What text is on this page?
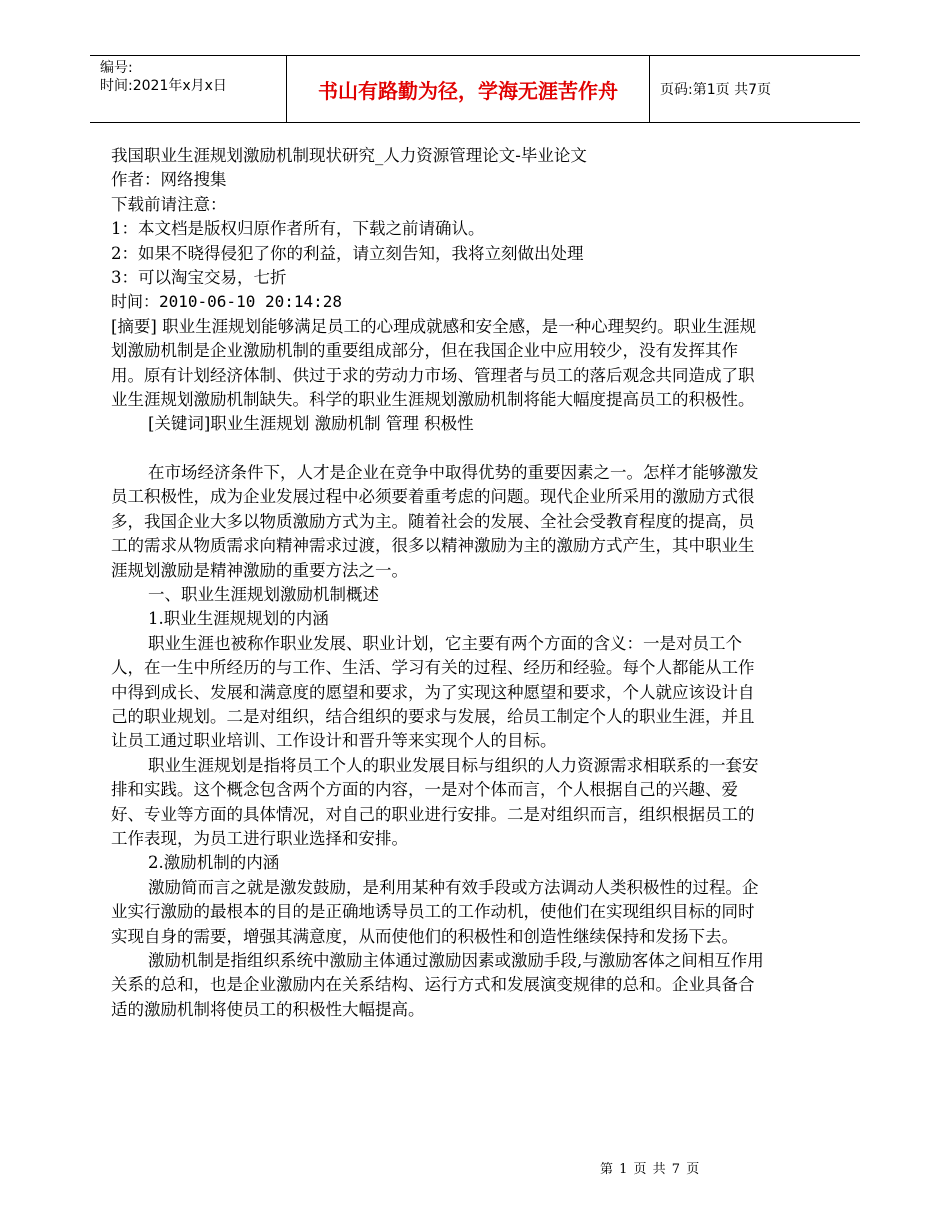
编号:
时间:2021年x月x日	书山有路勤为径，学海无涯苦作舟	页码:第1页 共7页

我国职业生涯规划激励机制现状研究_人力资源管理论文-毕业论文

作者：网络搜集

下载前请注意：

1：本文档是版权归原作者所有，下载之前请确认。

2：如果不晓得侵犯了你的利益，请立刻告知，我将立刻做出处理

3：可以淘宝交易，七折

时间：2010-06-10 20:14:28

[摘要] 职业生涯规划能够满足员工的心理成就感和安全感，是一种心理契约。职业生涯规划激励机制是企业激励机制的重要组成部分，但在我国企业中应用较少，没有发挥其作用。原有计划经济体制、供过于求的劳动力市场、管理者与员工的落后观念共同造成了职业生涯规划激励机制缺失。科学的职业生涯规划激励机制将能大幅度提高员工的积极性。

[关键词]职业生涯规划 激励机制 管理 积极性

在市场经济条件下，人才是企业在竞争中取得优势的重要因素之一。怎样才能够激发员工积极性，成为企业发展过程中必须要着重考虑的问题。现代企业所采用的激励方式很多，我国企业大多以物质激励方式为主。随着社会的发展、全社会受教育程度的提高，员工的需求从物质需求向精神需求过渡，很多以精神激励为主的激励方式产生，其中职业生涯规划激励是精神激励的重要方法之一。

一、职业生涯规划激励机制概述

1.职业生涯规规划的内涵

职业生涯也被称作职业发展、职业计划，它主要有两个方面的含义：一是对员工个人，在一生中所经历的与工作、生活、学习有关的过程、经历和经验。每个人都能从工作中得到成长、发展和满意度的愿望和要求，为了实现这种愿望和要求，个人就应该设计自己的职业规划。二是对组织，结合组织的要求与发展，给员工制定个人的职业生涯，并且让员工通过职业培训、工作设计和晋升等来实现个人的目标。

职业生涯规划是指将员工个人的职业发展目标与组织的人力资源需求相联系的一套安排和实践。这个概念包含两个方面的内容，一是对个体而言，个人根据自己的兴趣、爱好、专业等方面的具体情况，对自己的职业进行安排。二是对组织而言，组织根据员工的工作表现，为员工进行职业选择和安排。

2.激励机制的内涵

激励简而言之就是激发鼓励，是利用某种有效手段或方法调动人类积极性的过程。企业实行激励的最根本的目的是正确地诱导员工的工作动机，使他们在实现组织目标的同时实现自身的需要，增强其满意度，从而使他们的积极性和创造性继续保持和发扬下去。

激励机制是指组织系统中激励主体通过激励因素或激励手段,与激励客体之间相互作用关系的总和，也是企业激励内在关系结构、运行方式和发展演变规律的总和。企业具备合适的激励机制将使员工的积极性大幅提高。

第 1 页 共 7 页
